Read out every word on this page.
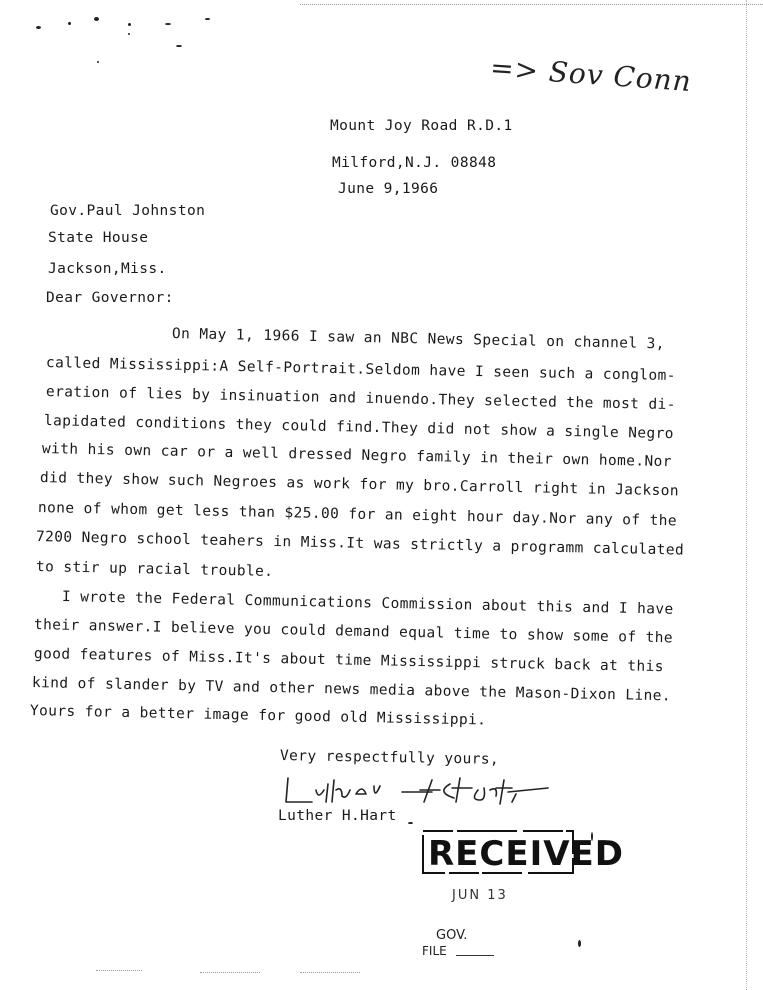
=> Sov Conn
Mount Joy Road R.D.1
Milford,N.J. 08848
June 9,1966
Gov.Paul Johnston
State House
Jackson,Miss.
Dear Governor:
On May 1, 1966 I saw an NBC News Special on channel 3,
called Mississippi:A Self-Portrait.Seldom have I seen such a conglom-
eration of lies by insinuation and inuendo.They selected the most di-
lapidated conditions they could find.They did not show a single Negro
with his own car or a well dressed Negro family in their own home.Nor
did they show such Negroes as work for my bro.Carroll right in Jackson
none of whom get less than $25.00 for an eight hour day.Nor any of the
7200 Negro school teahers in Miss.It was strictly a programm calculated
to stir up racial trouble.
I wrote the Federal Communications Commission about this and I have
their answer.I believe you could demand equal time to show some of the
good features of Miss.It's about time Mississippi struck back at this
kind of slander by TV and other news media above the Mason-Dixon Line.
Yours for a better image for good old Mississippi.
Very respectfully yours,
Luther H.Hart
RECEIVED
JUN 13
GOV.
FILE
